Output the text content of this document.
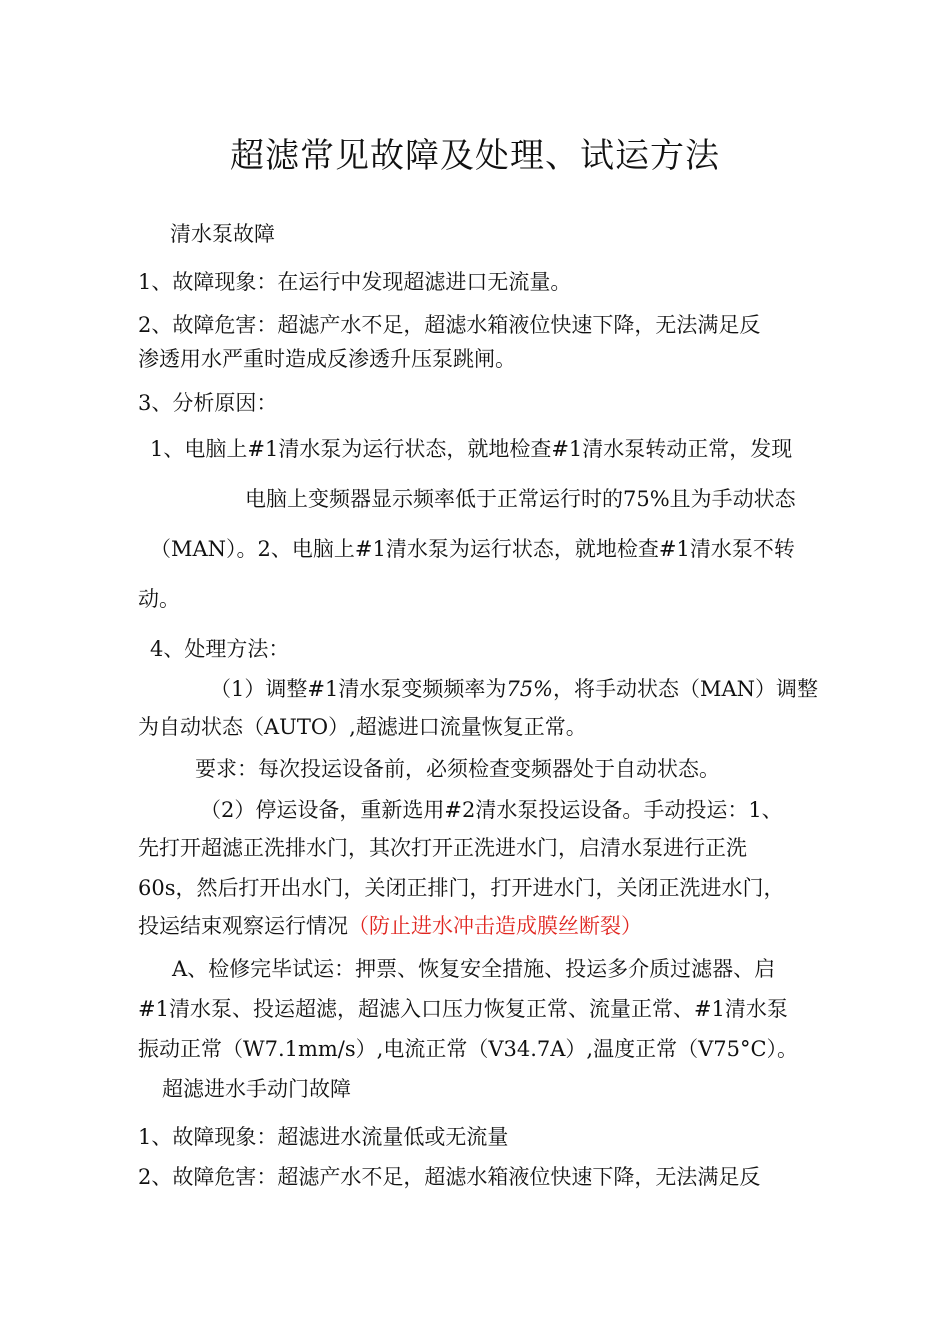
超滤常见故障及处理、试运方法
清水泵故障
1、故障现象：在运行中发现超滤进口无流量。
2、故障危害：超滤产水不足，超滤水箱液位快速下降，无法满足反
渗透用水严重时造成反渗透升压泵跳闸。
3、分析原因：
1、电脑上#1清水泵为运行状态，就地检查#1清水泵转动正常，发现
电脑上变频器显示频率低于正常运行时的75%且为手动状态
（MAN）。2、电脑上#1清水泵为运行状态，就地检查#1清水泵不转
动。
4、处理方法：
（1）调整#1清水泵变频频率为75%，将手动状态（MAN）调整
为自动状态（AUTO）,超滤进口流量恢复正常。
要求：每次投运设备前，必须检查变频器处于自动状态。
（2）停运设备，重新选用#2清水泵投运设备。手动投运：1、
先打开超滤正洗排水门，其次打开正洗进水门，启清水泵进行正洗
60s，然后打开出水门，关闭正排门，打开进水门，关闭正洗进水门，
投运结束观察运行情况（防止进水冲击造成膜丝断裂）
A、检修完毕试运：押票、恢复安全措施、投运多介质过滤器、启
#1清水泵、投运超滤，超滤入口压力恢复正常、流量正常、#1清水泵
振动正常（W7.1mm/s）,电流正常（V34.7A）,温度正常（V75°C）。
超滤进水手动门故障
1、故障现象：超滤进水流量低或无流量
2、故障危害：超滤产水不足，超滤水箱液位快速下降，无法满足反
